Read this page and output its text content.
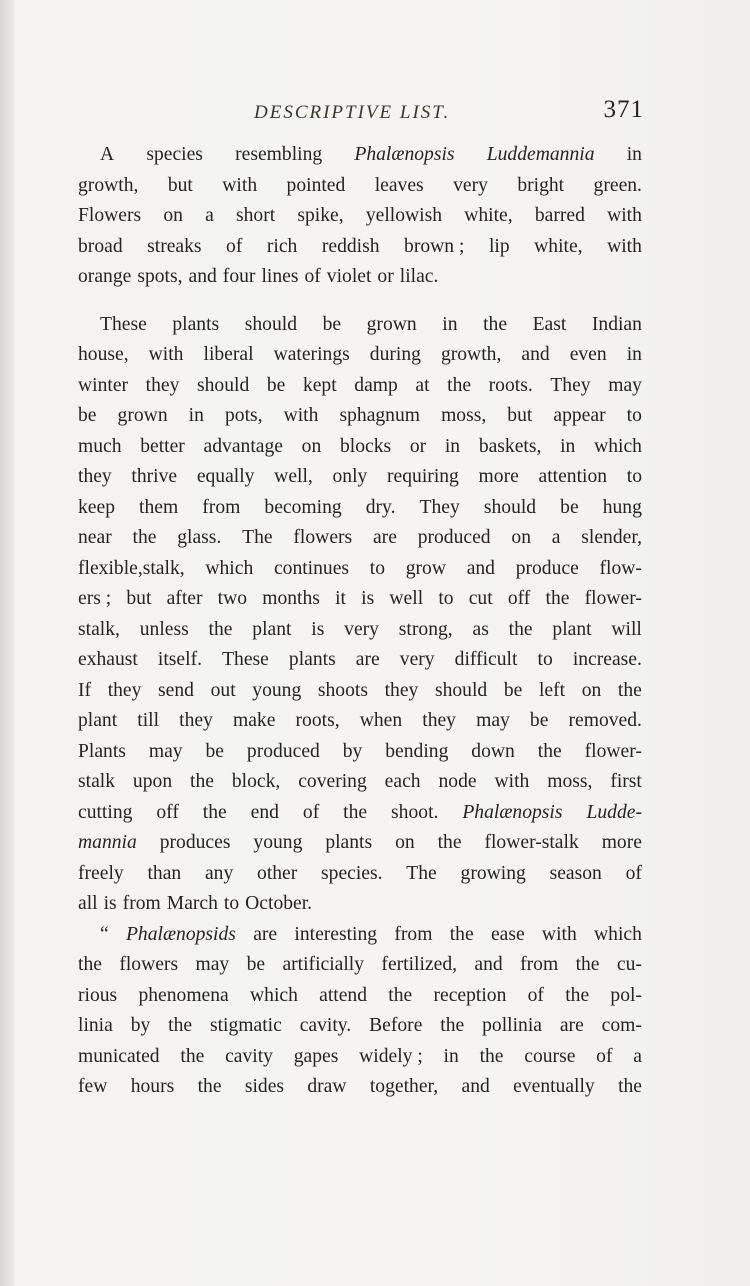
DESCRIPTIVE LIST.	371
A species resembling Phalænopsis Luddemannia in
growth, but with pointed leaves very bright green.
Flowers on a short spike, yellowish white, barred with
broad streaks of rich reddish brown ; lip white, with
orange spots, and four lines of violet or lilac.
These plants should be grown in the East Indian
house, with liberal waterings during growth, and even in
winter they should be kept damp at the roots. They may
be grown in pots, with sphagnum moss, but appear to
much better advantage on blocks or in baskets, in which
they thrive equally well, only requiring more attention to
keep them from becoming dry. They should be hung
near the glass. The flowers are produced on a slender,
flexible,stalk, which continues to grow and produce flow-
ers ; but after two months it is well to cut off the flower-
stalk, unless the plant is very strong, as the plant will
exhaust itself. These plants are very difficult to increase.
If they send out young shoots they should be left on the
plant till they make roots, when they may be removed.
Plants may be produced by bending down the flower-
stalk upon the block, covering each node with moss, first
cutting off the end of the shoot. Phalænopsis Ludde-
mannia produces young plants on the flower-stalk more
freely than any other species. The growing season of
all is from March to October.
“ Phalænopsids are interesting from the ease with which
the flowers may be artificially fertilized, and from the cu-
rious phenomena which attend the reception of the pol-
linia by the stigmatic cavity. Before the pollinia are com-
municated the cavity gapes widely ; in the course of a
few hours the sides draw together, and eventually the
